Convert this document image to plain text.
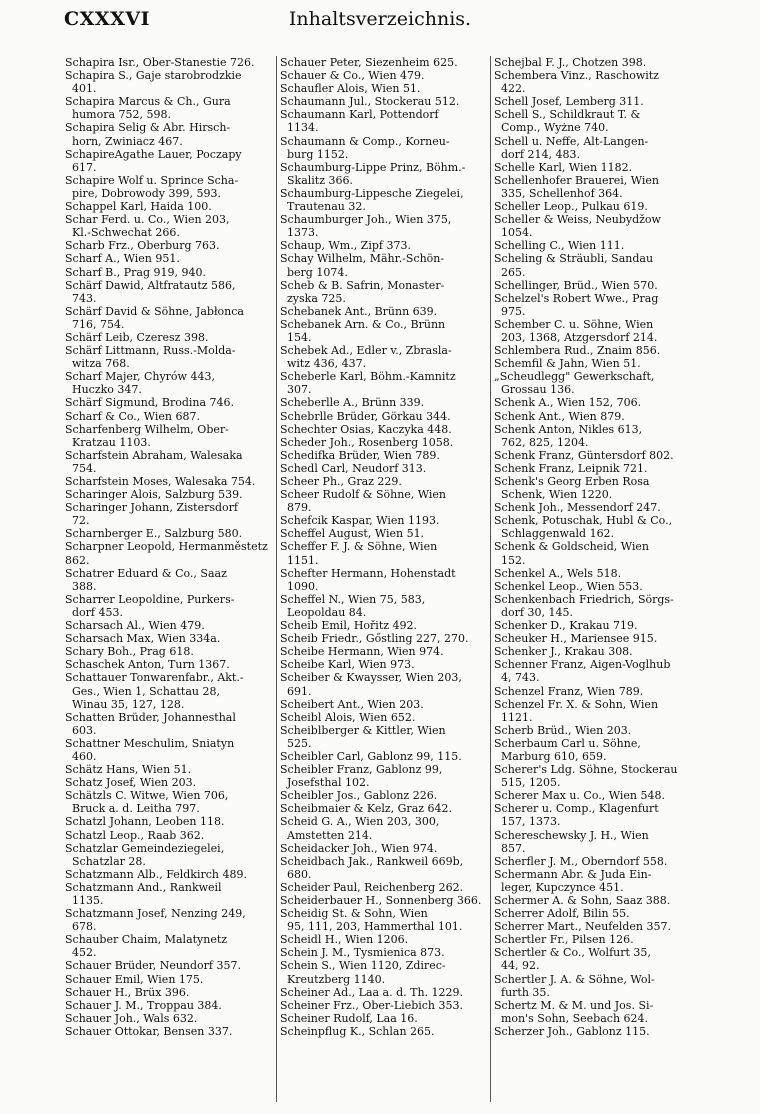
Inhaltsverzeichnis.
CXXXVI
Schapira Isr., Ober-Stanestie 726.
Schapira S., Gaje starobrodzkie
401.
Schapira Marcus & Ch., Gura
humora 752, 598.
Schapira Selig & Abr. Hirsch-
horn, Zwiniacz 467.
SchapireAgathe Lauer, Poczapy
617.
Schapire Wolf u. Sprince Scha-
pire, Dobrowody 399, 593.
Schappel Karl, Haida 100.
Schar Ferd. u. Co., Wien 203,
Kl.-Schwechat 266.
Scharb Frz., Oberburg 763.
Scharf A., Wien 951.
Scharf B., Prag 919, 940.
Schärf Dawid, Altfratautz 586,
743.
Schärf David & Söhne, Jabłonca
716, 754.
Schärf Leib, Czeresz 398.
Schärf Littmann, Russ.-Molda-
witza 768.
Scharf Majer, Chyrów 443,
Huczko 347.
Schärf Sigmund, Brodina 746.
Scharf & Co., Wien 687.
Scharfenberg Wilhelm, Ober-
Kratzau 1103.
Scharfstein Abraham, Walesaka
754.
Scharfstein Moses, Walesaka 754.
Scharinger Alois, Salzburg 539.
Scharinger Johann, Zistersdorf
72.
Scharnberger E., Salzburg 580.
Scharpner Leopold, Hermanměstetz 862.
Schatrer Eduard & Co., Saaz
388.
Scharrer Leopoldine, Purkers-
dorf 453.
Scharsach Al., Wien 479.
Scharsach Max, Wien 334a.
Schary Boh., Prag 618.
Schaschek Anton, Turn 1367.
Schattauer Tonwarenfabr., Akt.-
Ges., Wien 1, Schattau 28,
Winau 35, 127, 128.
Schatten Brüder, Johannesthal
603.
Schattner Meschulim, Sniatyn
460.
Schätz Hans, Wien 51.
Schatz Josef, Wien 203.
Schätzls C. Witwe, Wien 706,
Bruck a. d. Leitha 797.
Schatzl Johann, Leoben 118.
Schatzl Leop., Raab 362.
Schatzlar Gemeindeziegelei,
Schatzlar 28.
Schatzmann Alb., Feldkirch 489.
Schatzmann And., Rankweil
1135.
Schatzmann Josef, Nenzing 249,
678.
Schauber Chaim, Malatynetz
452.
Schauer Brüder, Neundorf 357.
Schauer Emil, Wien 175.
Schauer H., Brüx 396.
Schauer J. M., Troppau 384.
Schauer Joh., Wals 632.
Schauer Ottokar, Bensen 337.
Schauer Peter, Siezenheim 625.
Schauer & Co., Wien 479.
Schaufler Alois, Wien 51.
Schaumann Jul., Stockerau 512.
Schaumann Karl, Pottendorf
1134.
Schaumann & Comp., Korneu-
burg 1152.
Schaumburg-Lippe Prinz, Böhm.-
Skalitz 366.
Schaumburg-Lippesche Ziegelei,
Trautenau 32.
Schaumburger Joh., Wien 375,
1373.
Schaup, Wm., Zipf 373.
Schay Wilhelm, Mähr.-Schön-
berg 1074.
Scheb & B. Safrin, Monaster-
zyska 725.
Schebanek Ant., Brünn 639.
Schebanek Arn. & Co., Brünn
154.
Schebek Ad., Edler v., Zbrasla-
witz 436, 437.
Scheberle Karl, Böhm.-Kamnitz
307.
Scheberlle A., Brünn 339.
Schebrlle Brüder, Görkau 344.
Schechter Osias, Kaczyka 448.
Scheder Joh., Rosenberg 1058.
Schedifka Brüder, Wien 789.
Schedl Carl, Neudorf 313.
Scheer Ph., Graz 229.
Scheer Rudolf & Söhne, Wien
879.
Schefcik Kaspar, Wien 1193.
Scheffel August, Wien 51.
Scheffer F. J. & Söhne, Wien
1151.
Schefter Hermann, Hohenstadt
1090.
Scheffel N., Wien 75, 583,
Leopoldau 84.
Scheib Emil, Hořitz 492.
Scheib Friedr., Gőstling 227, 270.
Scheibe Hermann, Wien 974.
Scheibe Karl, Wien 973.
Scheiber & Kwaysser, Wien 203,
691.
Scheibert Ant., Wien 203.
Scheibl Alois, Wien 652.
Scheiblberger & Kittler, Wien
525.
Scheibler Carl, Gablonz 99, 115.
Scheibler Franz, Gablonz 99,
Josefsthal 102.
Scheibler Jos., Gablonz 226.
Scheibmaier & Kelz, Graz 642.
Scheid G. A., Wien 203, 300,
Amstetten 214.
Scheidacker Joh., Wien 974.
Scheidbach Jak., Rankweil 669b,
680.
Scheider Paul, Reichenberg 262.
Scheiderbauer H., Sonnenberg 366.
Scheidig St. & Sohn, Wien
95, 111, 203, Hammerthal 101.
Scheidl H., Wien 1206.
Schein J. M., Tysmienica 873.
Schein S., Wien 1120, Zdirec-
Kreutzberg 1140.
Scheiner Ad., Laa a. d. Th. 1229.
Scheiner Frz., Ober-Liebich 353.
Scheiner Rudolf, Laa 16.
Scheinpflug K., Schlan 265.
Schejbal F. J., Chotzen 398.
Schembera Vinz., Raschowitz
422.
Schell Josef, Lemberg 311.
Schell S., Schildkraut T. &
Comp., Wyżne 740.
Schell u. Neffe, Alt-Langen-
dorf 214, 483.
Schelle Karl, Wien 1182.
Schellenhofer Brauerei, Wien
335, Schellenhof 364.
Scheller Leop., Pulkau 619.
Scheller & Weiss, Neubydžow
1054.
Schelling C., Wien 111.
Scheling & Sträubli, Sandau
265.
Schellinger, Brüd., Wien 570.
Schelzel's Robert Wwe., Prag
975.
Schember C. u. Söhne, Wien
203, 1368, Atzgersdorf 214.
Schlembera Rud., Znaim 856.
Schemfil & Jahn, Wien 51.
„Scheudlegg" Gewerkschaft,
Grossau 136.
Schenk A., Wien 152, 706.
Schenk Ant., Wien 879.
Schenk Anton, Nikles 613,
762, 825, 1204.
Schenk Franz, Güntersdorf 802.
Schenk Franz, Leipnik 721.
Schenk's Georg Erben Rosa
Schenk, Wien 1220.
Schenk Joh., Messendorf 247.
Schenk, Potuschak, Hubl & Co.,
Schlaggenwald 162.
Schenk & Goldscheid, Wien
152.
Schenkel A., Wels 518.
Schenkel Leop., Wien 553.
Schenkenbach Friedrich, Sörgs-
dorf 30, 145.
Schenker D., Krakau 719.
Scheuker H., Mariensee 915.
Schenker J., Krakau 308.
Schenner Franz, Aigen-Voglhub
4, 743.
Schenzel Franz, Wien 789.
Schenzel Fr. X. & Sohn, Wien
1121.
Scherb Brüd., Wien 203.
Scherbaum Carl u. Söhne,
Marburg 610, 659.
Scherer's Ldg. Söhne, Stockerau
515, 1205.
Scherer Max u. Co., Wien 548.
Scherer u. Comp., Klagenfurt
157, 1373.
Schereschewsky J. H., Wien
857.
Scherfler J. M., Oberndorf 558.
Schermann Abr. & Juda Ein-
leger, Kupczynce 451.
Schermer A. & Sohn, Saaz 388.
Scherrer Adolf, Bilin 55.
Scherrer Mart., Neufelden 357.
Schertler Fr., Pilsen 126.
Schertler & Co., Wolfurt 35,
44, 92.
Schertler J. A. & Söhne, Wol-
furth 35.
Schertz M. & M. und Jos. Si-
mon's Sohn, Seebach 624.
Scherzer Joh., Gablonz 115.
